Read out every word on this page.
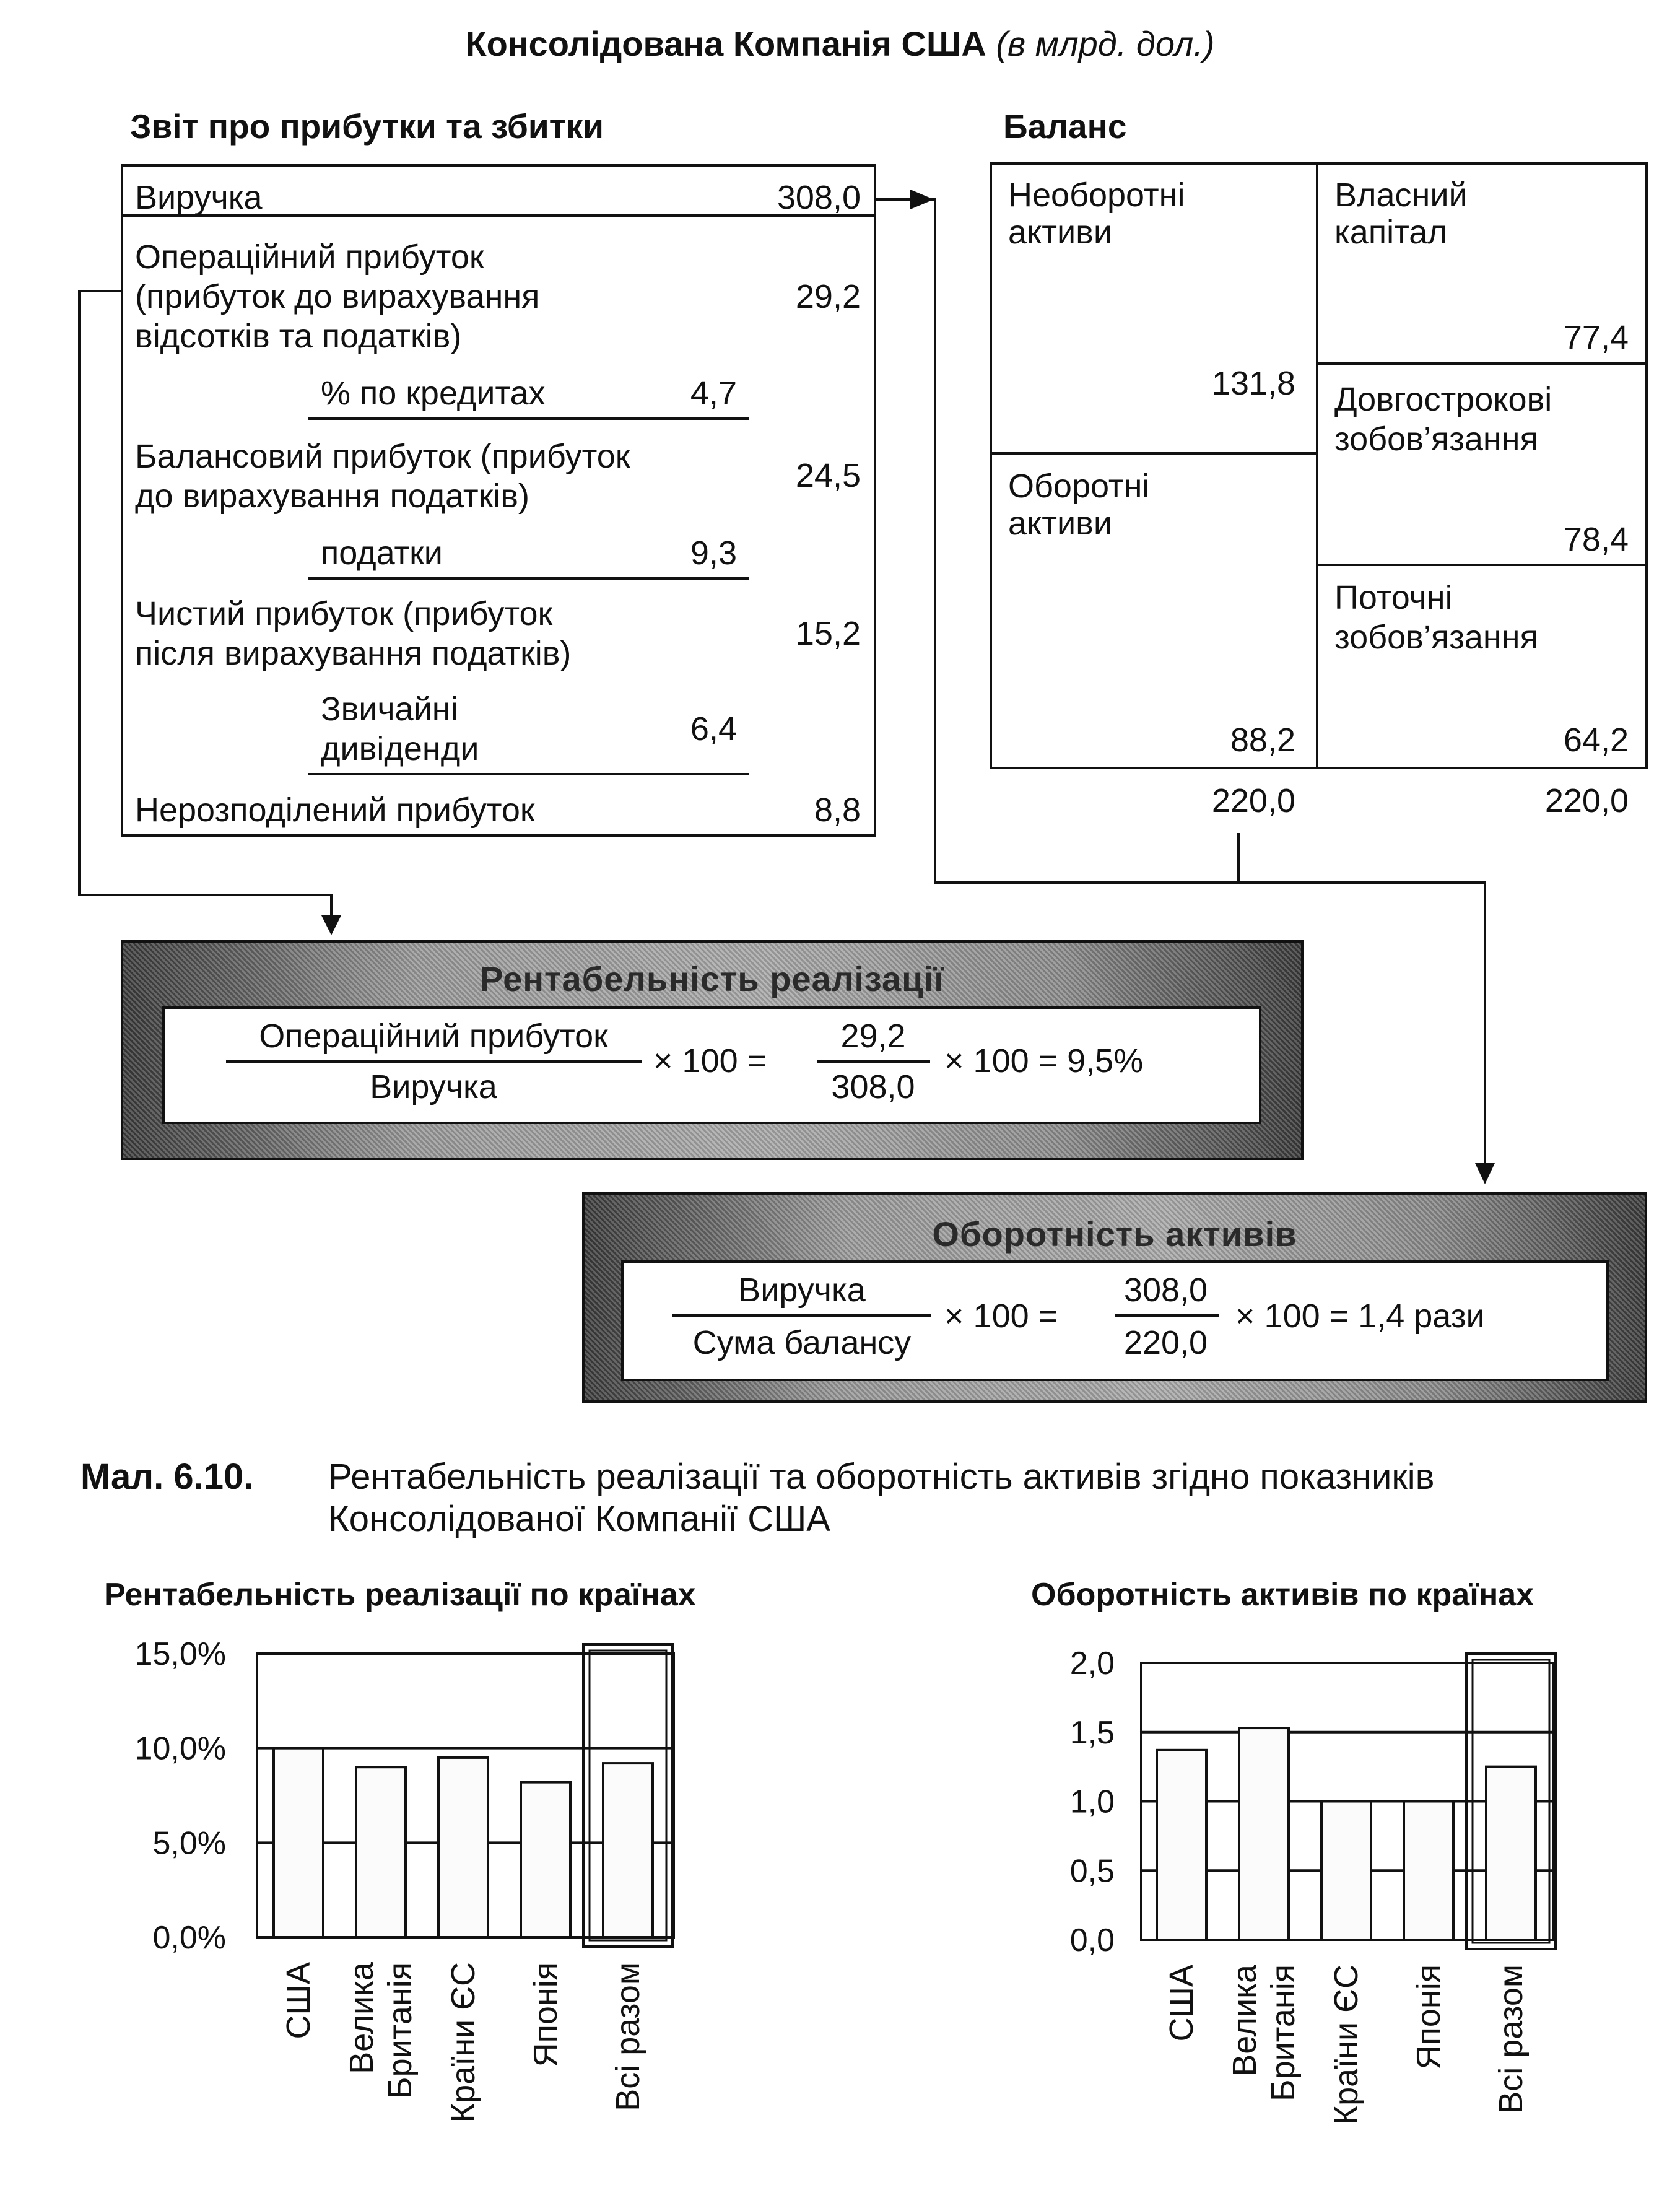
Консолідована Компанія США (в млрд. дол.)
Звіт про прибутки та збитки
Виручка	308,0
Операційний прибуток
(прибуток до вирахування
відсотків та податків)
29,2
% по кредитах	4,7
Балансовий прибуток (прибуток
до вирахування податків)
24,5
податки	9,3
Чистий прибуток (прибуток
після вирахування податків)
15,2
Звичайні
дивіденди
6,4
Нерозподілений прибуток	8,8
Баланс
Необоротні
активи
131,8
Оборотні
активи
88,2
Власний
капітал
77,4
Довгострокові
зобов’язання
78,4
Поточні
зобов’язання
64,2
220,0	220,0
Рентабельність реалізації
Операційний прибуток
Виручка
× 100 =
29,2
308,0
× 100 = 9,5%
Оборотність активів
Виручка
Сума балансу
× 100 =
308,0
220,0
× 100 = 1,4 рази
Мал. 6.10. Рентабельність реалізації та оборотність активів згідно показників
Консолідованої Компанії США
Рентабельність реалізації по країнах	Оборотність активів по країнах
0,0%
5,0%
10,0%
15,0%
США Велика Британія Країни ЄС Японія Всі разом
0,0
0,5
1,0
1,5
2,0
США Велика Британія Країни ЄС Японія Всі разом
